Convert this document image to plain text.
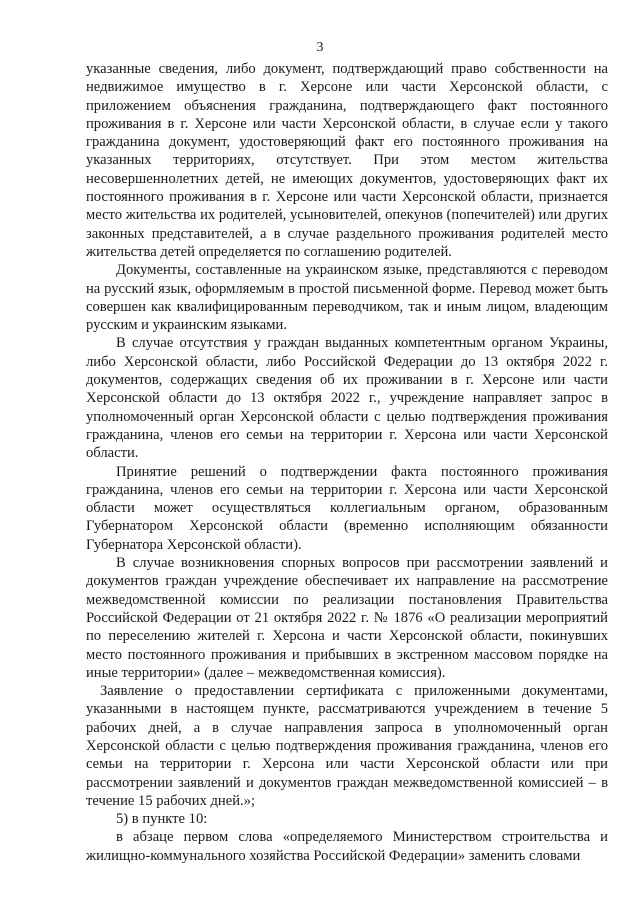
3

указанные сведения, либо документ, подтверждающий право собственности на недвижимое имущество в г. Херсоне или части Херсонской области, с приложением объяснения гражданина, подтверждающего факт постоянного проживания в г. Херсоне или части Херсонской области, в случае если у такого гражданина документ, удостоверяющий факт его постоянного проживания на указанных территориях, отсутствует. При этом местом жительства несовершеннолетних детей, не имеющих документов, удостоверяющих факт их постоянного проживания в г. Херсоне или части Херсонской области, признается место жительства их родителей, усыновителей, опекунов (попечителей) или других законных представителей, а в случае раздельного проживания родителей место жительства детей определяется по соглашению родителей.

Документы, составленные на украинском языке, представляются с переводом на русский язык, оформляемым в простой письменной форме. Перевод может быть совершен как квалифицированным переводчиком, так и иным лицом, владеющим русским и украинским языками.

В случае отсутствия у граждан выданных компетентным органом Украины, либо Херсонской области, либо Российской Федерации до 13 октября 2022 г. документов, содержащих сведения об их проживании в г. Херсоне или части Херсонской области до 13 октября 2022 г., учреждение направляет запрос в уполномоченный орган Херсонской области с целью подтверждения проживания гражданина, членов его семьи на территории г. Херсона или части Херсонской области.

Принятие решений о подтверждении факта постоянного проживания гражданина, членов его семьи на территории г. Херсона или части Херсонской области может осуществляться коллегиальным органом, образованным Губернатором Херсонской области (временно исполняющим обязанности Губернатора Херсонской области).

В случае возникновения спорных вопросов при рассмотрении заявлений и документов граждан учреждение обеспечивает их направление на рассмотрение межведомственной комиссии по реализации постановления Правительства Российской Федерации от 21 октября 2022 г. № 1876 «О реализации мероприятий по переселению жителей г. Херсона и части Херсонской области, покинувших место постоянного проживания и прибывших в экстренном массовом порядке на иные территории» (далее – межведомственная комиссия).

Заявление о предоставлении сертификата с приложенными документами, указанными в настоящем пункте, рассматриваются учреждением в течение 5 рабочих дней, а в случае направления запроса в уполномоченный орган Херсонской области с целью подтверждения проживания гражданина, членов его семьи на территории г. Херсона или части Херсонской области или при рассмотрении заявлений и документов граждан межведомственной комиссией – в течение 15 рабочих дней.»;

5) в пункте 10:

в абзаце первом слова «определяемого Министерством строительства и жилищно-коммунального хозяйства Российской Федерации» заменить словами
